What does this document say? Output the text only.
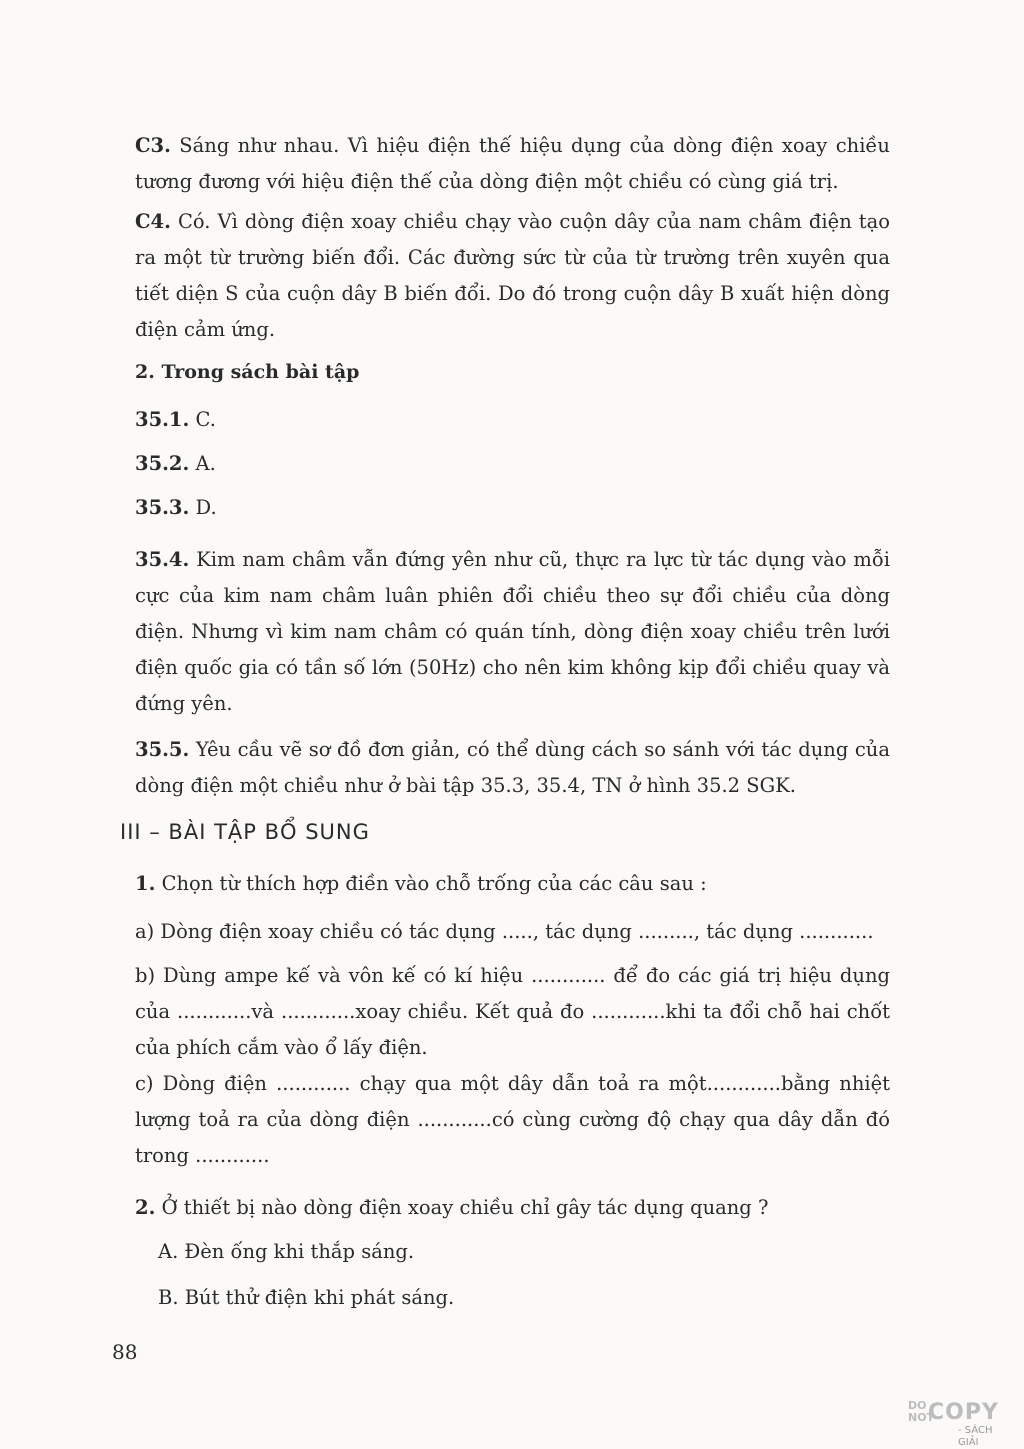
C3. Sáng như nhau. Vì hiệu điện thế hiệu dụng của dòng điện xoay chiều tương đương với hiệu điện thế của dòng điện một chiều có cùng giá trị.
C4. Có. Vì dòng điện xoay chiều chạy vào cuộn dây của nam châm điện tạo ra một từ trường biến đổi. Các đường sức từ của từ trường trên xuyên qua tiết diện S của cuộn dây B biến đổi. Do đó trong cuộn dây B xuất hiện dòng điện cảm ứng.
2. Trong sách bài tập
35.1. C.
35.2. A.
35.3. D.
35.4. Kim nam châm vẫn đứng yên như cũ, thực ra lực từ tác dụng vào mỗi cực của kim nam châm luân phiên đổi chiều theo sự đổi chiều của dòng điện. Nhưng vì kim nam châm có quán tính, dòng điện xoay chiều trên lưới điện quốc gia có tần số lớn (50Hz) cho nên kim không kịp đổi chiều quay và đứng yên.
35.5. Yêu cầu vẽ sơ đồ đơn giản, có thể dùng cách so sánh với tác dụng của dòng điện một chiều như ở bài tập 35.3, 35.4, TN ở hình 35.2 SGK.
III – BÀI TẬP BỔ SUNG
1. Chọn từ thích hợp điền vào chỗ trống của các câu sau :
a) Dòng điện xoay chiều có tác dụng ....., tác dụng ........., tác dụng ............
b) Dùng ampe kế và vôn kế có kí hiệu ............ để đo các giá trị hiệu dụng của ............và ............xoay chiều. Kết quả đo ............khi ta đổi chỗ hai chốt của phích cắm vào ổ lấy điện.
c) Dòng điện ............ chạy qua một dây dẫn toả ra một............bằng nhiệt lượng toả ra của dòng điện ............có cùng cường độ chạy qua dây dẫn đó trong ............
2. Ở thiết bị nào dòng điện xoay chiều chỉ gây tác dụng quang ?
A. Đèn ống khi thắp sáng.
B. Bút thử điện khi phát sáng.
88
DO
NOT
COPY
- SÁCH GIẢI
